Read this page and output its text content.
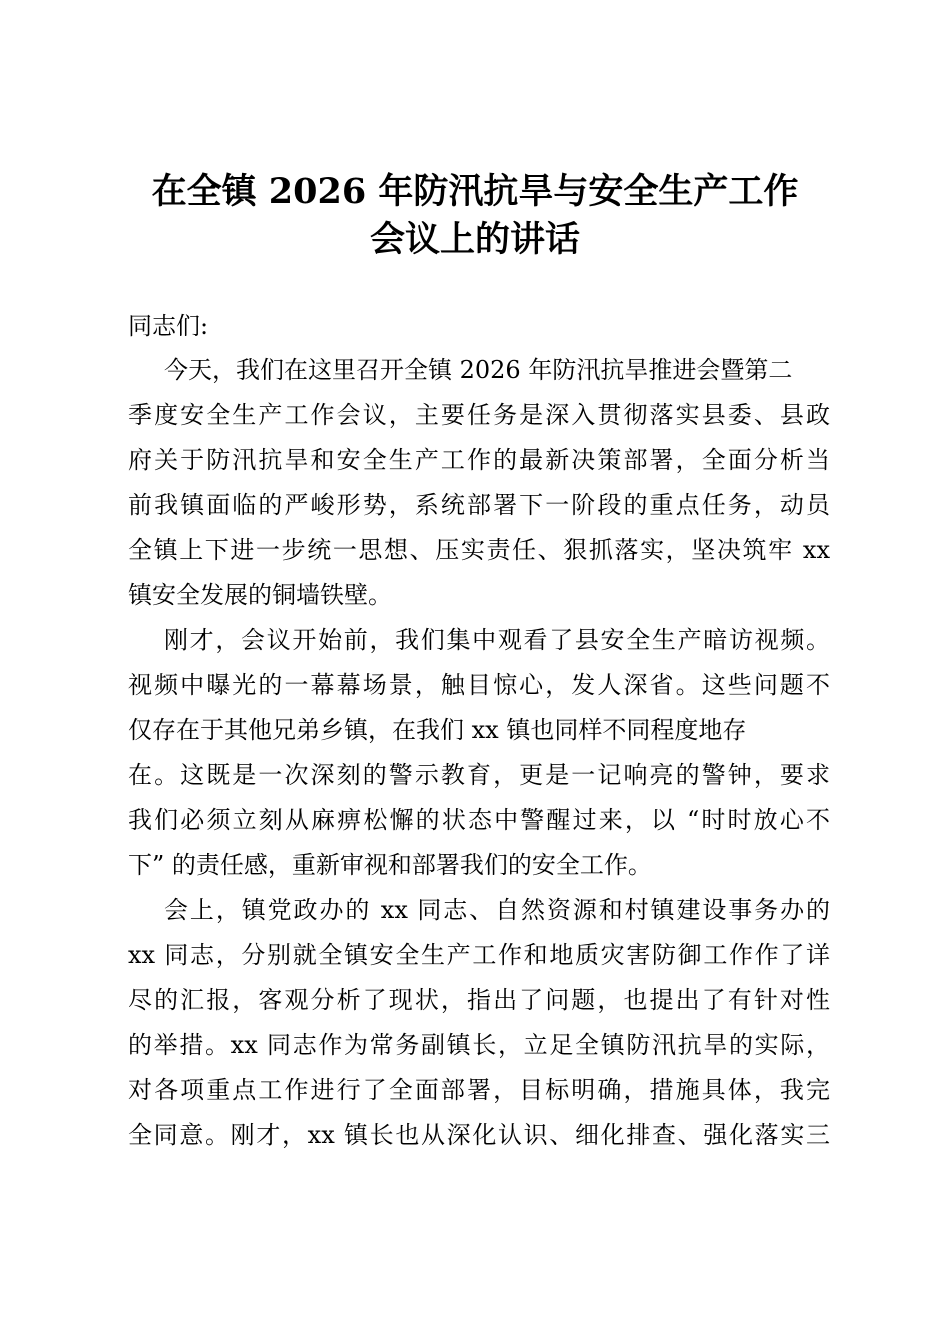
在全镇 2026 年防汛抗旱与安全生产工作
会议上的讲话

同志们:

今天，我们在这里召开全镇 2026 年防汛抗旱推进会暨第二

季度安全生产工作会议，主要任务是深入贯彻落实县委、县政

府关于防汛抗旱和安全生产工作的最新决策部署，全面分析当

前我镇面临的严峻形势，系统部署下一阶段的重点任务，动员

全镇上下进一步统一思想、压实责任、狠抓落实，坚决筑牢 xx

镇安全发展的铜墙铁壁。

刚才，会议开始前，我们集中观看了县安全生产暗访视频。

视频中曝光的一幕幕场景，触目惊心，发人深省。这些问题不

仅存在于其他兄弟乡镇，在我们 xx 镇也同样不同程度地存

在。这既是一次深刻的警示教育，更是一记响亮的警钟，要求

我们必须立刻从麻痹松懈的状态中警醒过来，以 “时时放心不

下” 的责任感，重新审视和部署我们的安全工作。

会上，镇党政办的 xx 同志、自然资源和村镇建设事务办的

xx 同志，分别就全镇安全生产工作和地质灾害防御工作作了详

尽的汇报，客观分析了现状，指出了问题，也提出了有针对性

的举措。xx 同志作为常务副镇长，立足全镇防汛抗旱的实际，

对各项重点工作进行了全面部署，目标明确，措施具体，我完

全同意。刚才，xx 镇长也从深化认识、细化排查、强化落实三
